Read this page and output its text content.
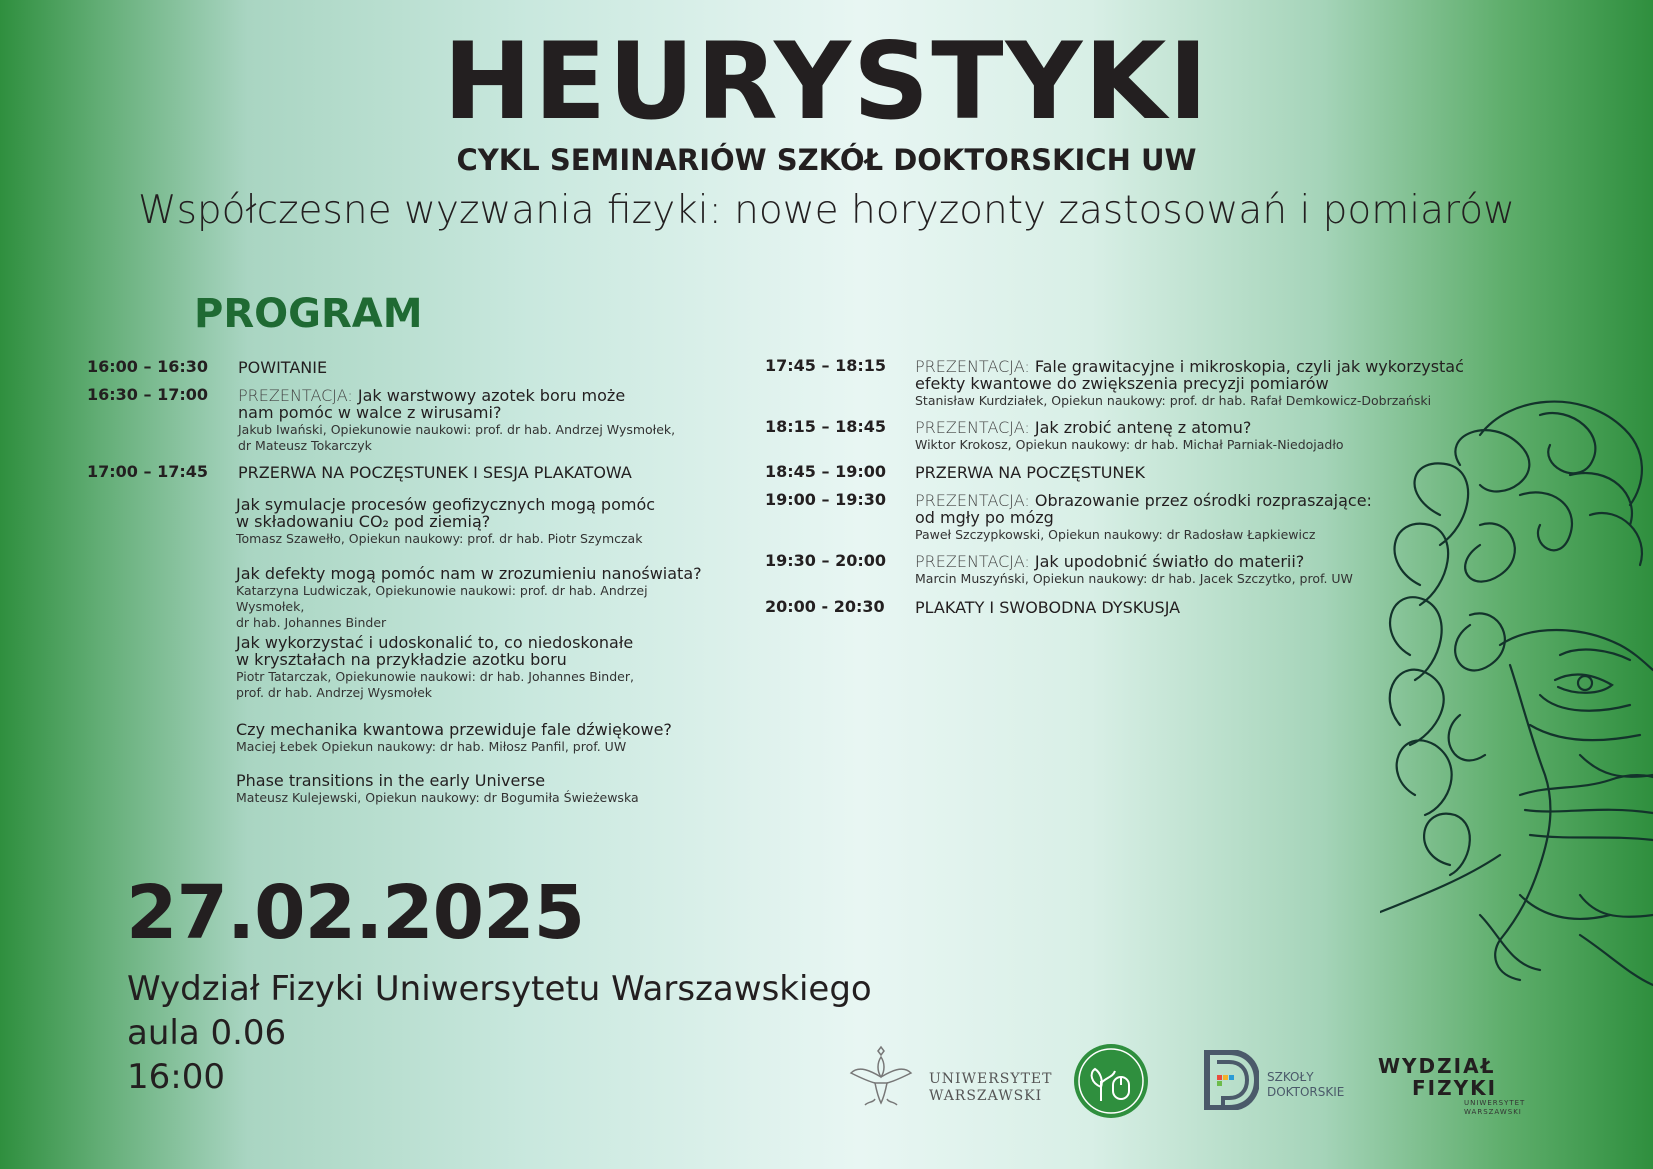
HEURYSTYKI
CYKL SEMINARIÓW SZKÓŁ DOKTORSKICH UW
Współczesne wyzwania fizyki: nowe horyzonty zastosowań i pomiarów
PROGRAM
16:00 – 16:30 POWITANIE
16:30 – 17:00 PREZENTACJA: Jak warstwowy azotek boru może
nam pomóc w walce z wirusami?
Jakub Iwański, Opiekunowie naukowi: prof. dr hab. Andrzej Wysmołek,
dr Mateusz Tokarczyk
17:00 – 17:45 PRZERWA NA POCZĘSTUNEK I SESJA PLAKATOWA
Jak symulacje procesów geofizycznych mogą pomóc
w składowaniu CO₂ pod ziemią?
Tomasz Szawełło, Opiekun naukowy: prof. dr hab. Piotr Szymczak
Jak defekty mogą pomóc nam w zrozumieniu nanoświata?
Katarzyna Ludwiczak, Opiekunowie naukowi: prof. dr hab. Andrzej Wysmołek,
dr hab. Johannes Binder
Jak wykorzystać i udoskonalić to, co niedoskonałe
w kryształach na przykładzie azotku boru
Piotr Tatarczak, Opiekunowie naukowi: dr hab. Johannes Binder,
prof. dr hab. Andrzej Wysmołek
Czy mechanika kwantowa przewiduje fale dźwiękowe?
Maciej Łebek Opiekun naukowy: dr hab. Miłosz Panfil, prof. UW
Phase transitions in the early Universe
Mateusz Kulejewski, Opiekun naukowy: dr Bogumiła Świeżewska
17:45 – 18:15 PREZENTACJA: Fale grawitacyjne i mikroskopia, czyli jak wykorzystać
efekty kwantowe do zwiększenia precyzji pomiarów
Stanisław Kurdziałek, Opiekun naukowy: prof. dr hab. Rafał Demkowicz-Dobrzański
18:15 – 18:45 PREZENTACJA: Jak zrobić antenę z atomu?
Wiktor Krokosz, Opiekun naukowy: dr hab. Michał Parniak-Niedojadło
18:45 – 19:00 PRZERWA NA POCZĘSTUNEK
19:00 – 19:30 PREZENTACJA: Obrazowanie przez ośrodki rozpraszające:
od mgły po mózg
Paweł Szczypkowski, Opiekun naukowy: dr Radosław Łapkiewicz
19:30 – 20:00 PREZENTACJA: Jak upodobnić światło do materii?
Marcin Muszyński, Opiekun naukowy: dr hab. Jacek Szczytko, prof. UW
20:00 - 20:30 PLAKATY I SWOBODNA DYSKUSJA
27.02.2025
Wydział Fizyki Uniwersytetu Warszawskiego
aula 0.06
16:00	UNIWERSYTET
WARSZAWSKI
SZKOŁY
DOKTORSKIE
WYDZIAŁ
FIZYKI
UNIWERSYTET
WARSZAWSKI
